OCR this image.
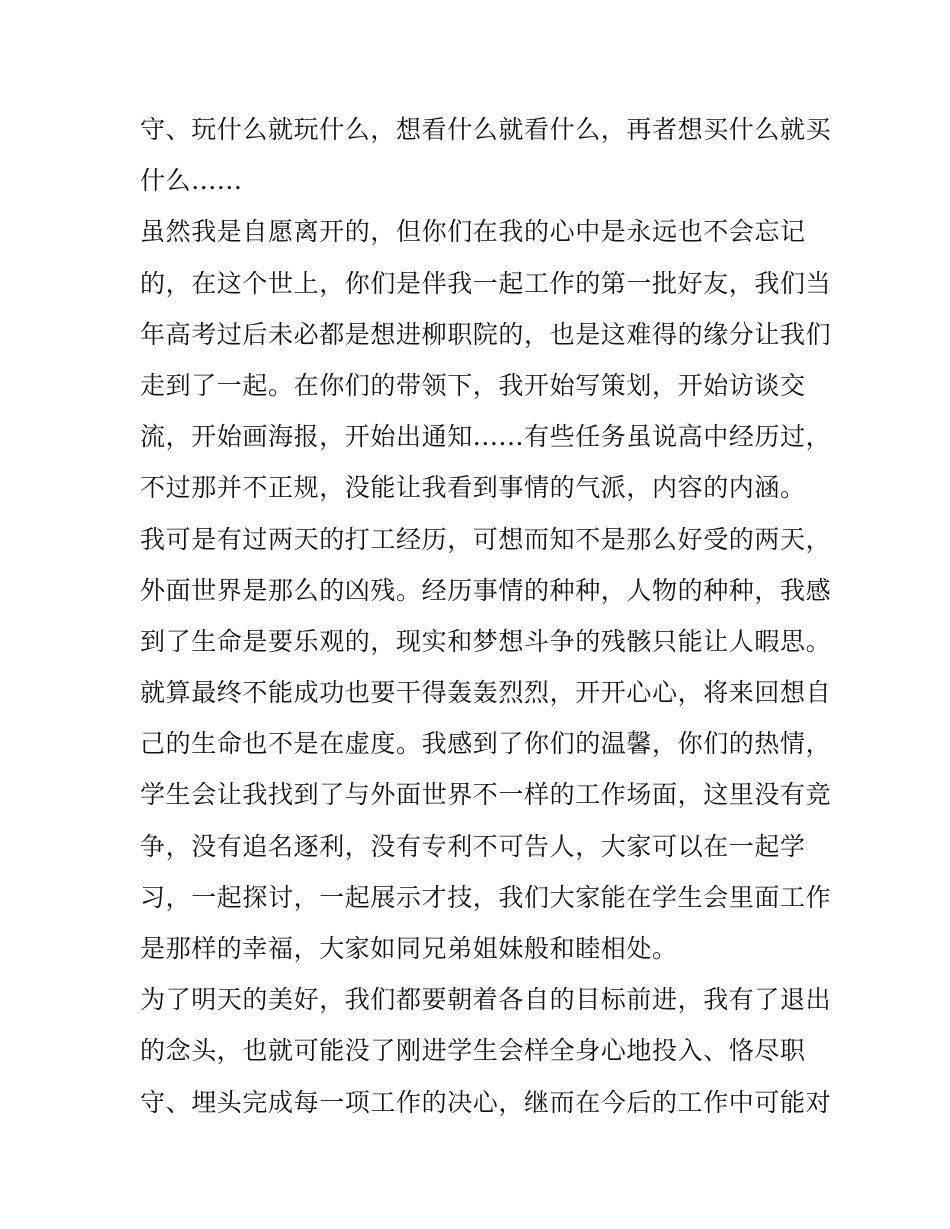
守、玩什么就玩什么，想看什么就看什么，再者想买什么就买
什么......
虽然我是自愿离开的，但你们在我的心中是永远也不会忘记
的，在这个世上，你们是伴我一起工作的第一批好友，我们当
年高考过后未必都是想进柳职院的，也是这难得的缘分让我们
走到了一起。在你们的带领下，我开始写策划，开始访谈交
流，开始画海报，开始出通知......有些任务虽说高中经历过，
不过那并不正规，没能让我看到事情的气派，内容的内涵。
我可是有过两天的打工经历，可想而知不是那么好受的两天，
外面世界是那么的凶残。经历事情的种种，人物的种种，我感
到了生命是要乐观的，现实和梦想斗争的残骸只能让人暇思。
就算最终不能成功也要干得轰轰烈烈，开开心心，将来回想自
己的生命也不是在虚度。我感到了你们的温馨，你们的热情，
学生会让我找到了与外面世界不一样的工作场面，这里没有竞
争，没有追名逐利，没有专利不可告人，大家可以在一起学
习，一起探讨，一起展示才技，我们大家能在学生会里面工作
是那样的幸福，大家如同兄弟姐妹般和睦相处。
为了明天的美好，我们都要朝着各自的目标前进，我有了退出
的念头，也就可能没了刚进学生会样全身心地投入、恪尽职
守、埋头完成每一项工作的决心，继而在今后的工作中可能对
